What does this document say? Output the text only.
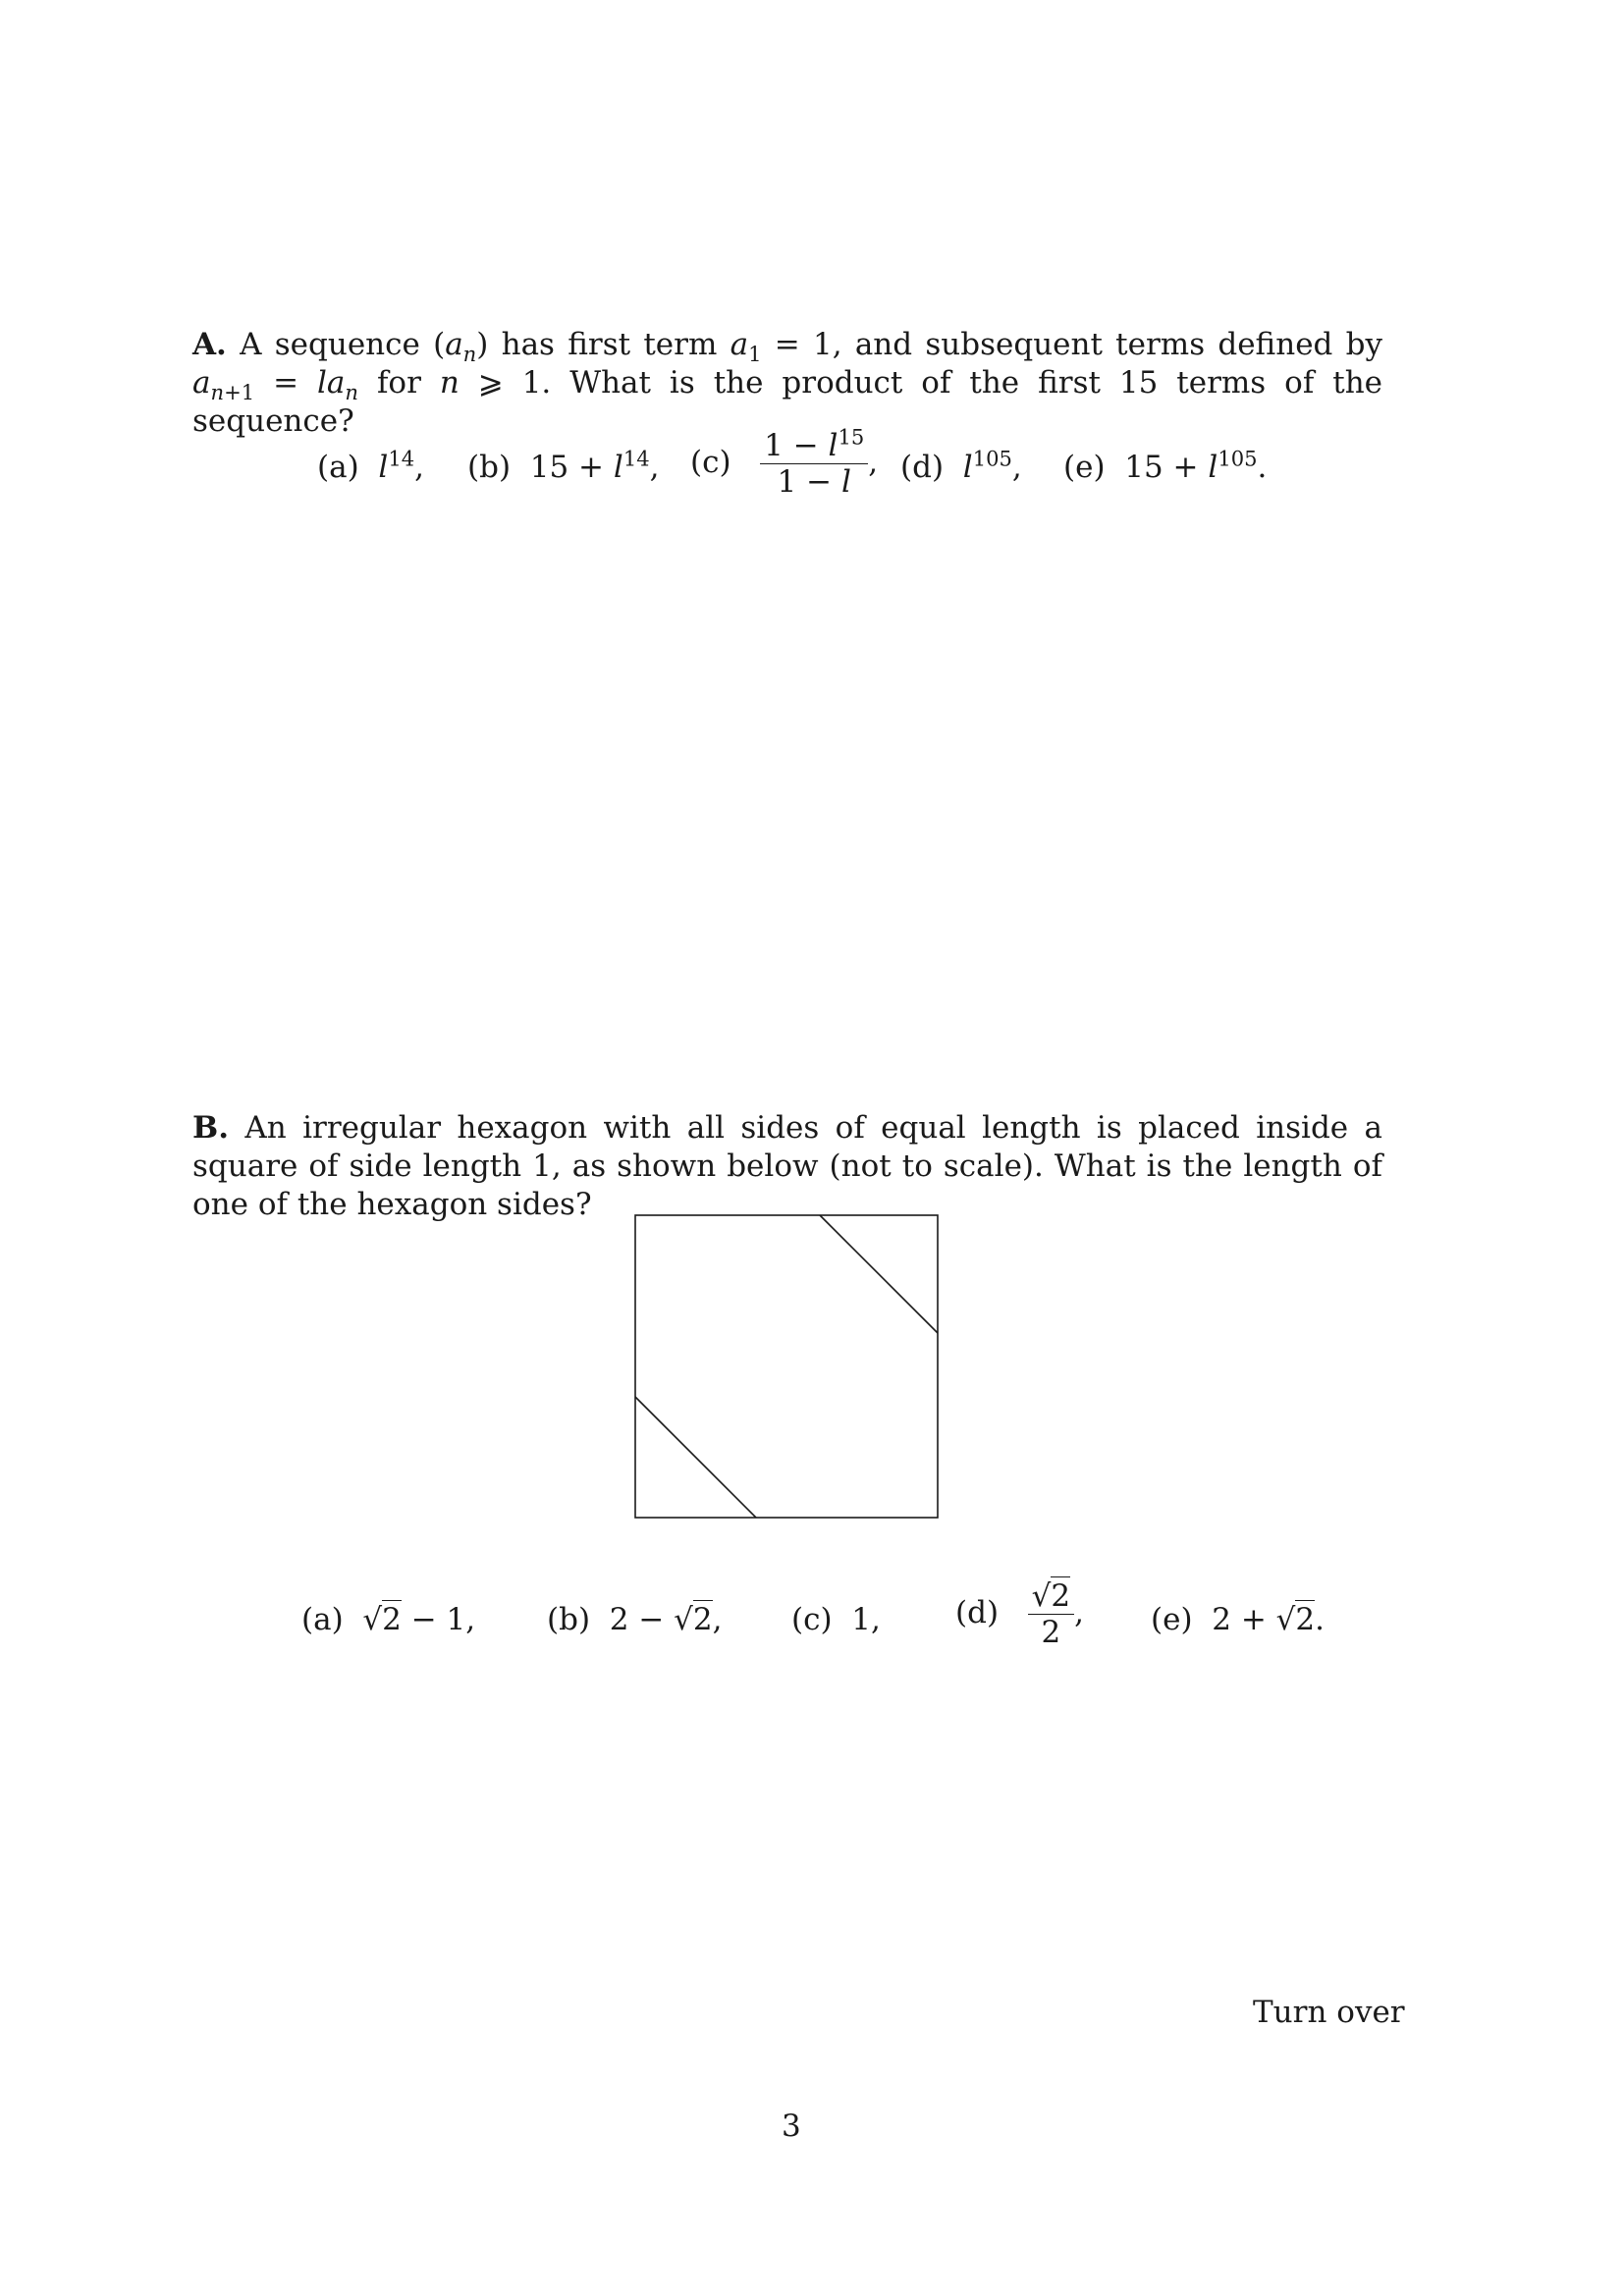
A. A sequence $(a_n)$ has first term $a_1 = 1$, and subsequent terms defined by $a_{n+1} = la_n$ for n ⩾ 1. What is the product of the first 15 terms of the sequence?
(a) $l^{14}$, (b)  $15 + l^{14}$, $(c) \frac{1 - l^{15}}{1 - l}$ , (d) $l^{105}$, (e)  $15 + l^{105}$.
B. An irregular hexagon with all sides of equal length is placed inside a square of side length 1, as shown below (not to scale). What is the length of one of the hexagon sides?
(a)  √2 − 1, (b)  2 − √2, (c)  1, $(d) \frac{√2}{2}$ , (e)  2 + √2.
Turn over
3
